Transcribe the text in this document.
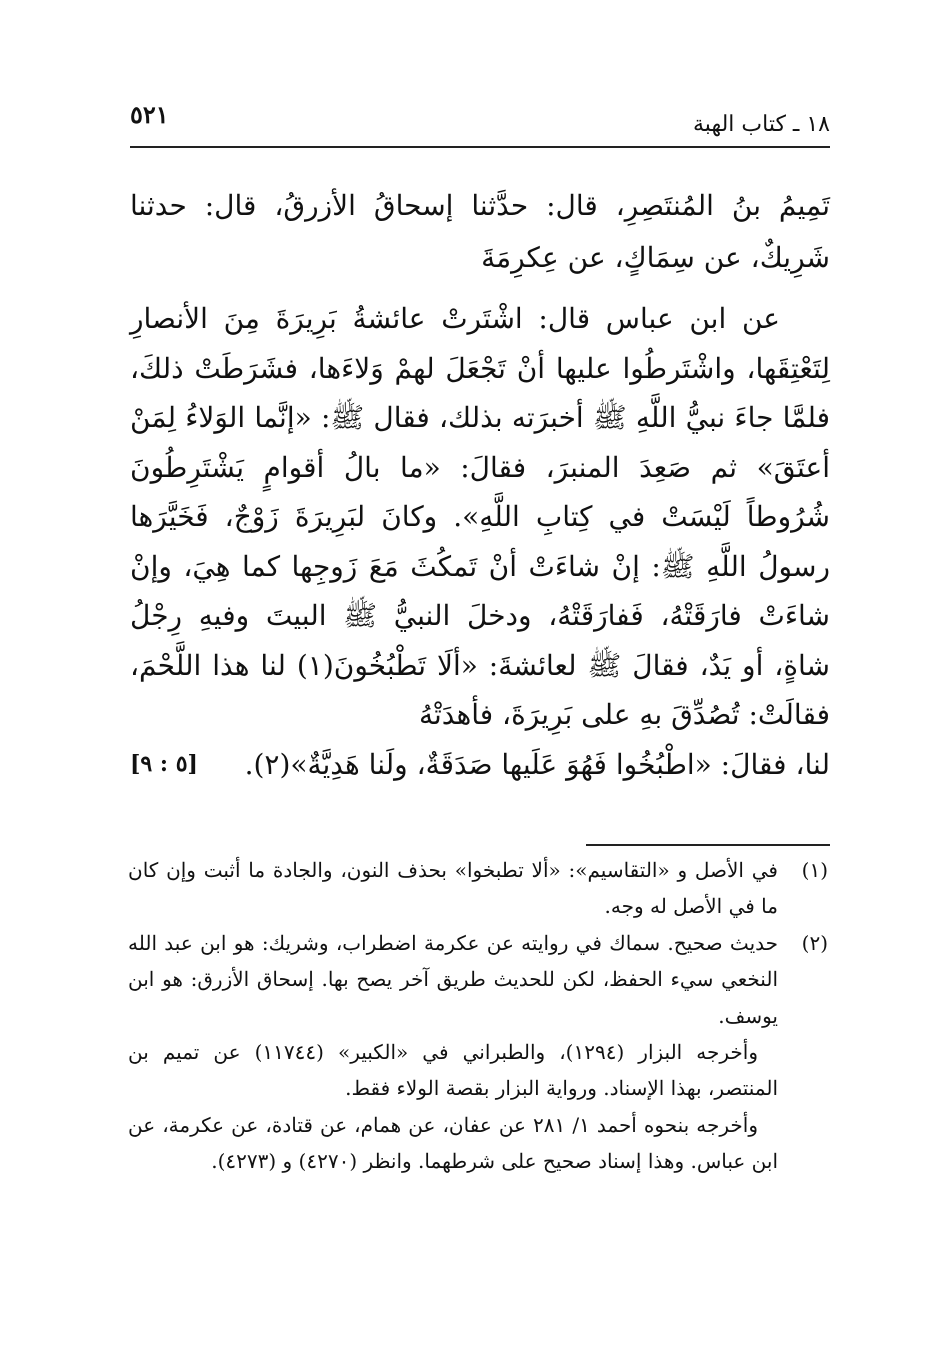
١٨ ـ كتاب الهبة
٥٢١

تَمِيمُ بنُ المُنتَصِرِ، قال: حدَّثنا إسحاقُ الأزرقُ، قال: حدثنا شَرِيكٌ، عن سِمَاكٍ، عن عِكرِمَةَ

عن ابن عباس قال: اشْتَرتْ عائشةُ بَرِيرَةَ مِنَ الأنصارِ لِتَعْتِقَها، واشْتَرطُوا عليها أنْ تَجْعَلَ لهمْ وَلاءَها، فشَرَطَتْ ذلكَ، فلمَّا جاءَ نبيُّ اللَّهِ ﷺ أخبرَته بذلك، فقال ﷺ: «إنَّما الوَلاءُ لِمَنْ أعتَقَ» ثم صَعِدَ المنبرَ، فقالَ: «ما بالُ أقوامٍ يَشْتَرِطُونَ شُرُوطاً لَيْسَتْ في كِتابِ اللَّهِ». وكانَ لبَرِيرَةَ زَوْجٌ، فَخَيَّرَها رسولُ اللَّهِ ﷺ: إنْ شاءَتْ أنْ تَمكُثَ مَعَ زَوجِها كما هِيَ، وإنْ شاءَتْ فارَقَتْهُ، فَفارَقَتْهُ، ودخلَ النبيُّ ﷺ البيتَ وفيهِ رِجْلُ شاةٍ، أو يَدٌ، فقالَ ﷺ لعائشةَ: «ألَا تَطْبُخُونَ(١) لنا هذا اللَّحْمَ، فقالَتْ: تُصُدِّقَ بهِ على بَرِيرَةَ، فأهدَتْهُ

لنا، فقالَ: «اطْبُخُوا فَهُوَ عَلَيها صَدَقَةٌ، ولَنا هَدِيَّةٌ»(٢).
[٥ : ٩]
(١)
في الأصل و «التقاسيم»: «ألا تطبخوا» بحذف النون، والجادة ما أثبت وإن كان ما في الأصل له وجه.
(٢)
حديث صحيح. سماك في روايته عن عكرمة اضطراب، وشريك: هو ابن عبد الله النخعي سيء الحفظ، لكن للحديث طريق آخر يصح بها. إسحاق الأزرق: هو ابن يوسف.
وأخرجه البزار (١٢٩٤)، والطبراني في «الكبير» (١١٧٤٤) عن تميم بن المنتصر، بهذا الإسناد. ورواية البزار بقصة الولاء فقط.
وأخرجه بنحوه أحمد ١/ ٢٨١ عن عفان، عن همام، عن قتادة، عن عكرمة، عن ابن عباس. وهذا إسناد صحيح على شرطهما. وانظر (٤٢٧٠) و (٤٢٧٣).
